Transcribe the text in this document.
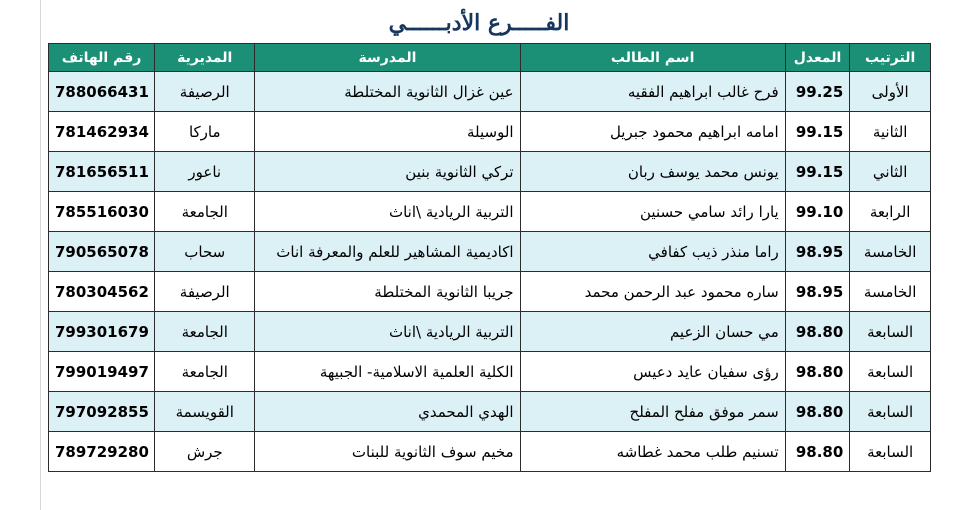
الفـــــرع الأدبــــــي
الترتيب	المعدل	اسم الطالب	المدرسة	المديرية	رقم الهاتف
الأولى	99.25	فرح غالب ابراهيم الفقيه	عين غزال الثانوية المختلطة	الرصيفة	788066431
الثانية	99.15	امامه ابراهيم محمود جبريل	الوسيلة	ماركا	781462934
الثاني	99.15	يونس محمد يوسف ربان	تركي الثانوية بنين	ناعور	781656511
الرابعة	99.10	يارا رائد سامي حسنين	التربية الريادية \اناث	الجامعة	785516030
الخامسة	98.95	راما منذر ذيب كفافي	اكاديمية المشاهير للعلم والمعرفة اناث	سحاب	790565078
الخامسة	98.95	ساره محمود عبد الرحمن محمد	جريبا الثانوية المختلطة	الرصيفة	780304562
السابعة	98.80	مي حسان الزعيم	التربية الريادية \اناث	الجامعة	799301679
السابعة	98.80	رؤى سفيان عايد دعيس	الكلية العلمية الاسلامية- الجبيهة	الجامعة	799019497
السابعة	98.80	سمر موفق مفلح المفلح	الهدي المحمدي	القويسمة	797092855
السابعة	98.80	تسنيم طلب محمد غطاشه	مخيم سوف الثانوية للبنات	جرش	789729280
